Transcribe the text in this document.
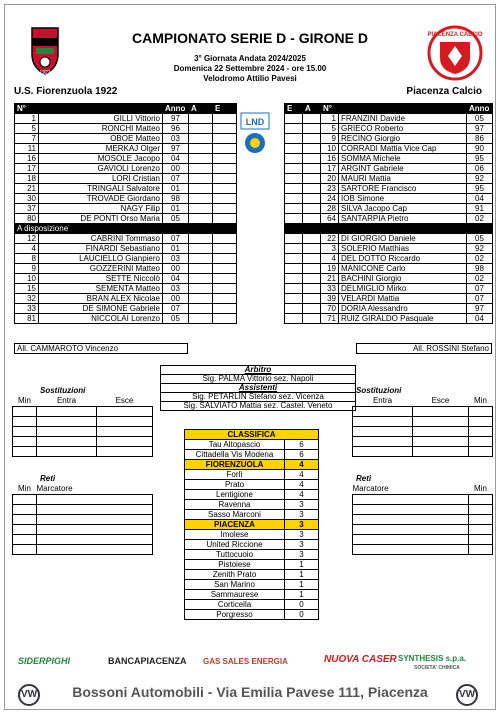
1922
CAMPIONATO SERIE D - GIRONE D
3° Giornata Andata 2024/2025
Domenica 22 Settembre 2024 - ore 15.00
Velodromo Attilio Pavesi
PIACENZA CALCIO
U.S. Fiorenzuola 1922	Piacenza Calcio
N°		Anno	A	E
1	GILLI Vittorio	97		
5	RONCHI Matteo	96		
7	OBOE Matteo	03		
11	MERKAJ Olger	97		
16	MOSOLE Jacopo	04		
17	GAVIOLI Lorenzo	00		
18	LORI Cristian	07		
21	TRINGALI Salvatore	01		
30	TROVADE Giordano	98		
37	NAGY Filip	01		
80	DE PONTI Orso Maria	05		
A disposizione				
12	CABRINI Tommaso	07		
4	FINARDI Sebastiano	01		
8	LAUCIELLO Gianpiero	03		
9	GOZZERINI Matteo	00		
10	SETTE Niccolò	04		
15	SEMENTA Matteo	03		
32	BRAN ALEX Nicolae	00		
33	DE SIMONE Gabriele	07		
81	NICCOLAI Lorenzo	05		
All. CAMMAROTO Vincenzo
LND
E	A	N°		Anno
		1	FRANZINI Davide	05
		5	GRIECO Roberto	97
		9	RECINO Giorgio	86
		10	CORRADI Mattia Vice Cap	90
		16	SOMMA Michele	95
		17	ARGINT Gabriele	06
		20	MAURI Mattia	92
		23	SARTORE Francisco	95
		24	IOB Simone	04
		28	SILVA Jacopo Cap	91
		64	SANTARPIA Pietro	02

		22	DI GIORGIO Daniele	05
		3	SOLERIO Matthias	92
		4	DEL DOTTO Riccardo	02
		19	MANICONE Carlo	98
		21	BACHINI Giorgio	02
		33	DELMIGLIO Mirko	07
		39	VELARDI Mattia	07
		70	DORIA Alessandro	97
		71	RUIZ GIRALDO Pasquale	04
All. ROSSINI Stefano
Arbitro
Sig. PALMA Vittorio sez. Napoli
Assistenti
Sig. PETARLIN Stefano sez. Vicenza
Sig. SALVIATO Mattia sez. Castel. Veneto
Sostituzioni
Min	Entra	Esce

Sostituzioni
Entra	Esce	Min

CLASSIFICA	
Tau Altopascio	6
Cittadella Vis Modena	6
FIORENZUOLA	4
Forlì	4
Prato	4
Lentigione	4
Ravenna	3
Sasso Marconi	3
PIACENZA	3
Imolese	3
United Riccione	3
Tuttocuoio	3
Pistoiese	1
Zenith Prato	1
San Marino	1
Sammaurese	1
Corticella	0
Porgresso	0
Reti
Min	Marcatore

Reti
Marcatore	Min

SIDERPIGHI	BANCAPIACENZA GAS SALES ENERGIA	NUOVA CASER SYNTHESIS s.p.a.
SOCIETA' CHIMICA
VW	Bossoni Automobili - Via Emilia Pavese 111, Piacenza	VW
